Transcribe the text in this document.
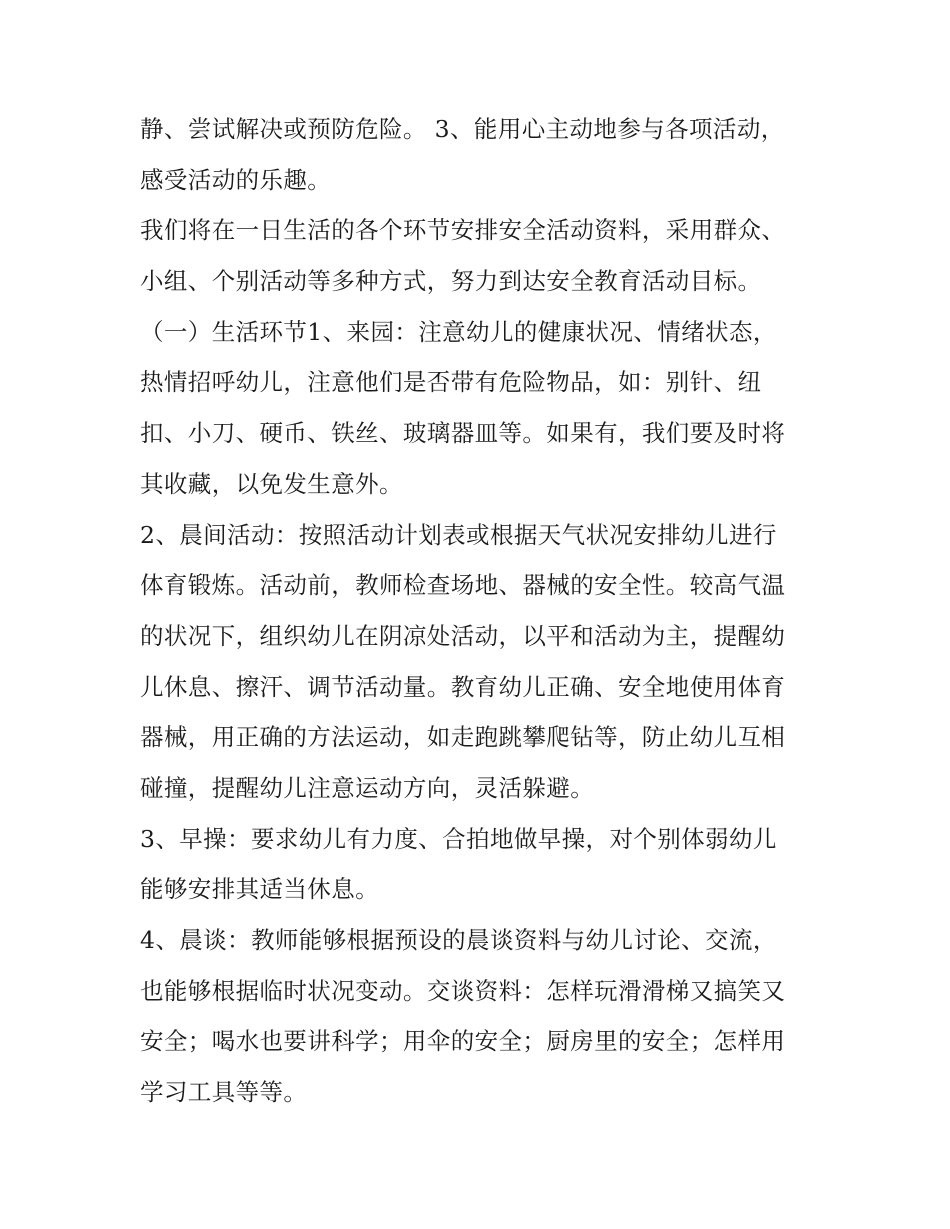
静、尝试解决或预防危险。 3、能用心主动地参与各项活动，
感受活动的乐趣。
我们将在一日生活的各个环节安排安全活动资料，采用群众、
小组、个别活动等多种方式，努力到达安全教育活动目标。
（一）生活环节1、来园：注意幼儿的健康状况、情绪状态，
热情招呼幼儿，注意他们是否带有危险物品，如：别针、纽
扣、小刀、硬币、铁丝、玻璃器皿等。如果有，我们要及时将
其收藏，以免发生意外。
2、晨间活动：按照活动计划表或根据天气状况安排幼儿进行
体育锻炼。活动前，教师检查场地、器械的安全性。较高气温
的状况下，组织幼儿在阴凉处活动，以平和活动为主，提醒幼
儿休息、擦汗、调节活动量。教育幼儿正确、安全地使用体育
器械，用正确的方法运动，如走跑跳攀爬钻等，防止幼儿互相
碰撞，提醒幼儿注意运动方向，灵活躲避。
3、早操：要求幼儿有力度、合拍地做早操，对个别体弱幼儿
能够安排其适当休息。
4、晨谈：教师能够根据预设的晨谈资料与幼儿讨论、交流，
也能够根据临时状况变动。交谈资料：怎样玩滑滑梯又搞笑又
安全；喝水也要讲科学；用伞的安全；厨房里的安全；怎样用
学习工具等等。
